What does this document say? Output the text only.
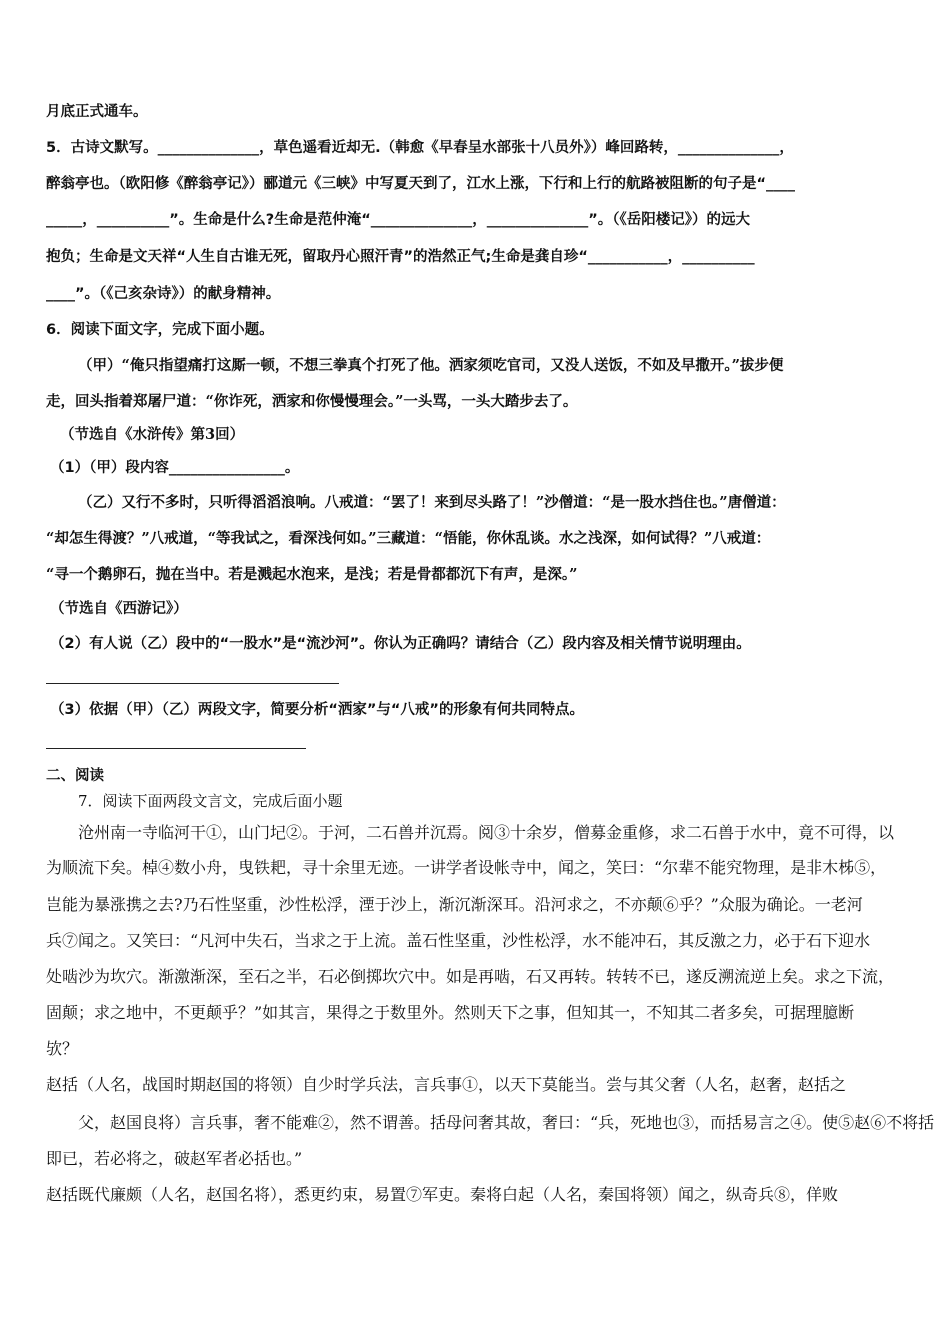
月底正式通车。
5．古诗文默写。______________，草色遥看近却无.（韩愈《早春呈水部张十八员外》）峰回路转，______________，
醉翁亭也。（欧阳修《醉翁亭记》）郦道元《三峡》中写夏天到了，江水上涨，下行和上行的航路被阻断的句子是“____
_____，__________”。生命是什么?生命是范仲淹“______________，______________”。（《岳阳楼记》）的远大
抱负；生命是文天祥“人生自古谁无死，留取丹心照汗青”的浩然正气;生命是龚自珍“___________，__________
____”。（《己亥杂诗》）的献身精神。
6．阅读下面文字，完成下面小题。
（甲）“俺只指望痛打这厮一顿，不想三拳真个打死了他。洒家须吃官司，又没人送饭，不如及早撒开。”拔步便
走，回头指着郑屠尸道：“你诈死，洒家和你慢慢理会。”一头骂，一头大踏步去了。
（节选自《水浒传》第3回）
（1）（甲）段内容________________。
（乙）又行不多时，只听得滔滔浪响。八戒道：“罢了！来到尽头路了！”沙僧道：“是一股水挡住也。”唐僧道：
“却怎生得渡？”八戒道，“等我试之，看深浅何如。”三藏道：“悟能，你休乱谈。水之浅深，如何试得？”八戒道：
“寻一个鹅卵石，抛在当中。若是溅起水泡来，是浅；若是骨都都沉下有声，是深。”
（节选自《西游记》）
（2）有人说（乙）段中的“一股水”是“流沙河”。你认为正确吗？请结合（乙）段内容及相关情节说明理由。
（3）依据（甲）（乙）两段文字，简要分析“洒家”与“八戒”的形象有何共同特点。
二、阅读
7．阅读下面两段文言文，完成后面小题
沧州南一寺临河干①，山门圮②。于河，二石兽并沉焉。阅③十余岁，僧募金重修，求二石兽于水中，竟不可得，以
为顺流下矣。棹④数小舟，曳铁耙，寻十余里无迹。一讲学者设帐寺中，闻之，笑曰：“尔辈不能究物理，是非木柹⑤，
岂能为暴涨携之去?乃石性坚重，沙性松浮，湮于沙上，渐沉渐深耳。沿河求之，不亦颠⑥乎？”众服为确论。一老河
兵⑦闻之。又笑曰：“凡河中失石，当求之于上流。盖石性坚重，沙性松浮，水不能冲石，其反激之力，必于石下迎水
处啮沙为坎穴。渐激渐深，至石之半，石必倒掷坎穴中。如是再啮，石又再转。转转不已，遂反溯流逆上矣。求之下流，
固颠；求之地中，不更颠乎？”如其言，果得之于数里外。然则天下之事，但知其一，不知其二者多矣，可据理臆断
欤？
赵括（人名，战国时期赵国的将领）自少时学兵法，言兵事①，以天下莫能当。尝与其父奢（人名，赵奢，赵括之
父，赵国良将）言兵事，奢不能难②，然不谓善。括母问奢其故，奢曰：“兵，死地也③，而括易言之④。使⑤赵⑥不将括
即已，若必将之，破赵军者必括也。”
赵括既代廉颇（人名，赵国名将），悉更约束，易置⑦军吏。秦将白起（人名，秦国将领）闻之，纵奇兵⑧，佯败
